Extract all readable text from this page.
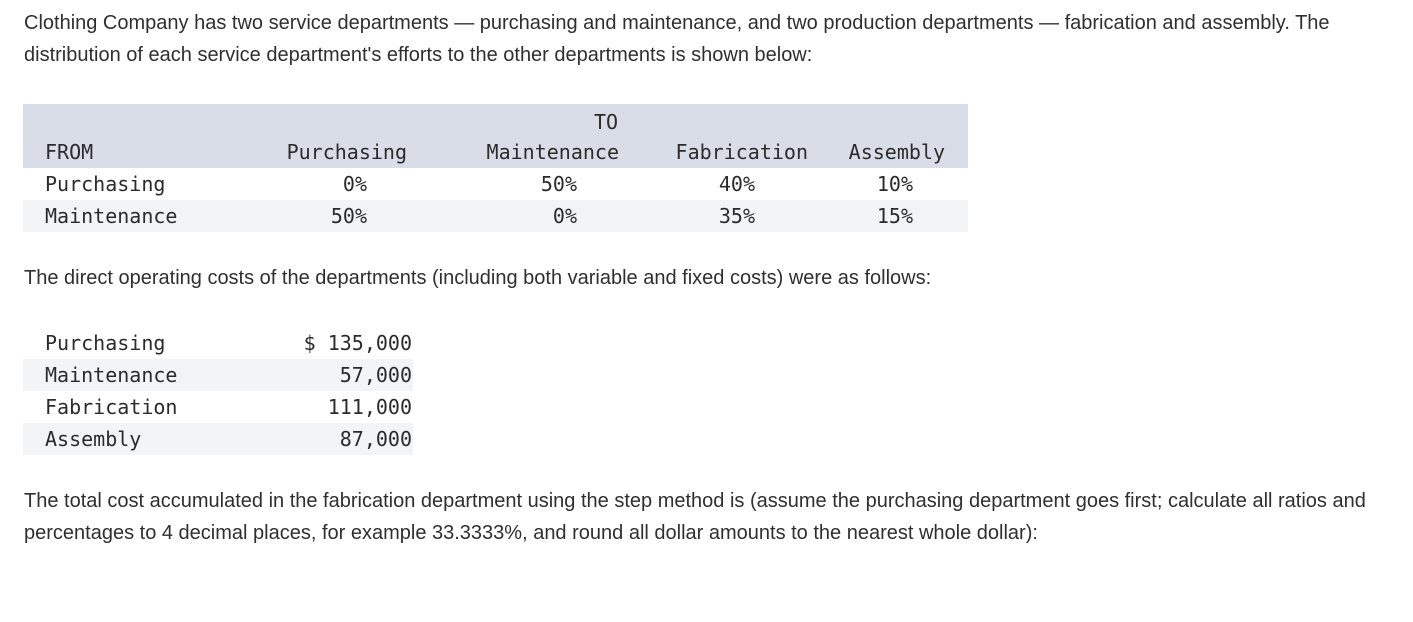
Clothing Company has two service departments — purchasing and maintenance, and two production departments — fabrication and assembly. The distribution of each service department's efforts to the other departments is shown below:

TO
FROM	Purchasing	Maintenance	Fabrication	Assembly
Purchasing	0%	50%	40%	10%
Maintenance	50%	0%	35%	15%

The direct operating costs of the departments (including both variable and fixed costs) were as follows:

Purchasing	$ 135,000
Maintenance	57,000
Fabrication	111,000
Assembly	87,000

The total cost accumulated in the fabrication department using the step method is (assume the purchasing department goes first; calculate all ratios and percentages to 4 decimal places, for example 33.3333%, and round all dollar amounts to the nearest whole dollar):
